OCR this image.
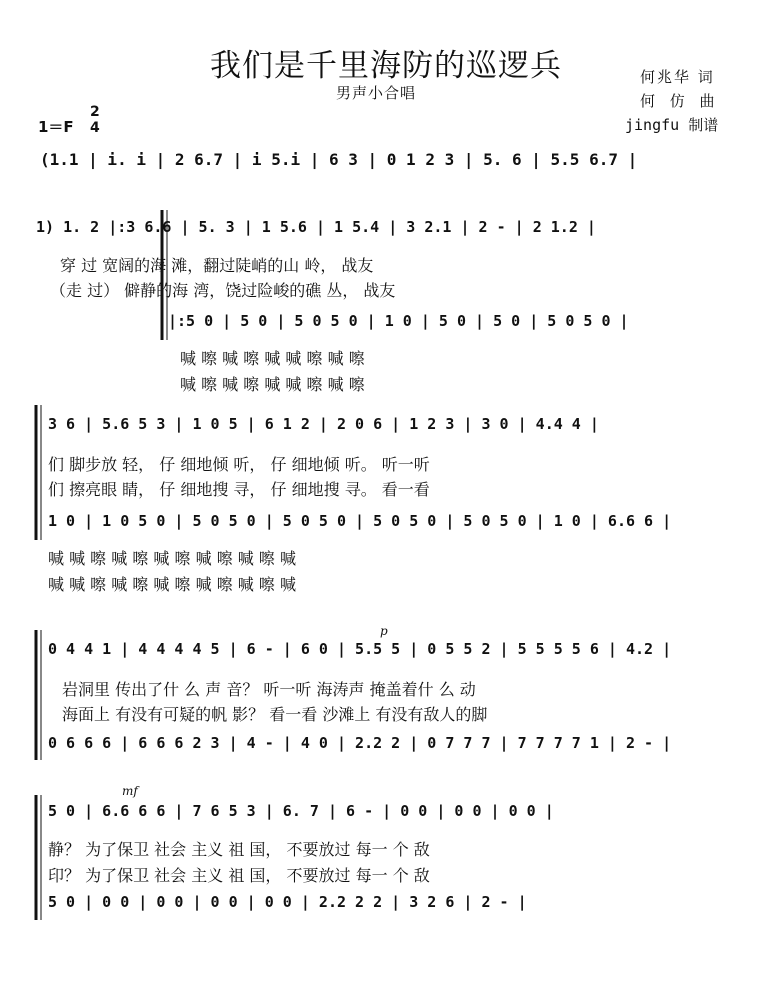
我们是千里海防的巡逻兵
男声小合唱
何兆华 词
何 仿 曲
jingfu 制谱
1＝F
2
4
(1.1 | i. i | 2 6.7 | i 5.i | 6 3 | 0 1 2 3 | 5. 6 | 5.5 6.7 |
1) 1. 2 |:3 6.6 | 5. 3 | 1 5.6 | 1 5.4 | 3 2.1 | 2 - | 2 1.2 |
穿 过 宽阔的海 滩，翻过陡峭的山 岭， 战友
（走 过） 僻静的海 湾，饶过险峻的礁 丛， 战友
|:5 0 | 5 0 | 5 0 5 0 | 1 0 | 5 0 | 5 0 | 5 0 5 0 |
喊 嚓 喊 嚓 喊 喊 嚓 喊 嚓
喊 嚓 喊 嚓 喊 喊 嚓 喊 嚓
3 6 | 5.6 5 3 | 1 0 5 | 6 1 2 | 2 0 6 | 1 2 3 | 3 0 | 4.4 4 |
们 脚步放 轻， 仔 细地倾 听， 仔 细地倾 听。 听一听
们 擦亮眼 睛， 仔 细地搜 寻， 仔 细地搜 寻。 看一看
1 0 | 1 0 5 0 | 5 0 5 0 | 5 0 5 0 | 5 0 5 0 | 5 0 5 0 | 1 0 | 6.6 6 |
喊 喊 嚓 喊 嚓 喊 嚓 喊 嚓 喊 嚓 喊
喊 喊 嚓 喊 嚓 喊 嚓 喊 嚓 喊 嚓 喊
p
0 4 4 1 | 4 4 4 4 5 | 6 - | 6 0 | 5.5 5 | 0 5 5 2 | 5 5 5 5 6 | 4.2 |
岩洞里 传出了什 么 声 音？ 听一听 海涛声 掩盖着什 么 动
海面上 有没有可疑的帆 影？ 看一看 沙滩上 有没有敌人的脚
0 6 6 6 | 6 6 6 2 3 | 4 - | 4 0 | 2.2 2 | 0 7 7 7 | 7 7 7 7 1 | 2 - |
mf
5 0 | 6.6 6 6 | 7 6 5 3 | 6. 7 | 6 - | 0 0 | 0 0 | 0 0 |
静？ 为了保卫 社会 主义 祖 国， 不要放过 每一 个 敌
印？ 为了保卫 社会 主义 祖 国， 不要放过 每一 个 敌
5 0 | 0 0 | 0 0 | 0 0 | 0 0 | 2.2 2 2 | 3 2 6 | 2 - |
